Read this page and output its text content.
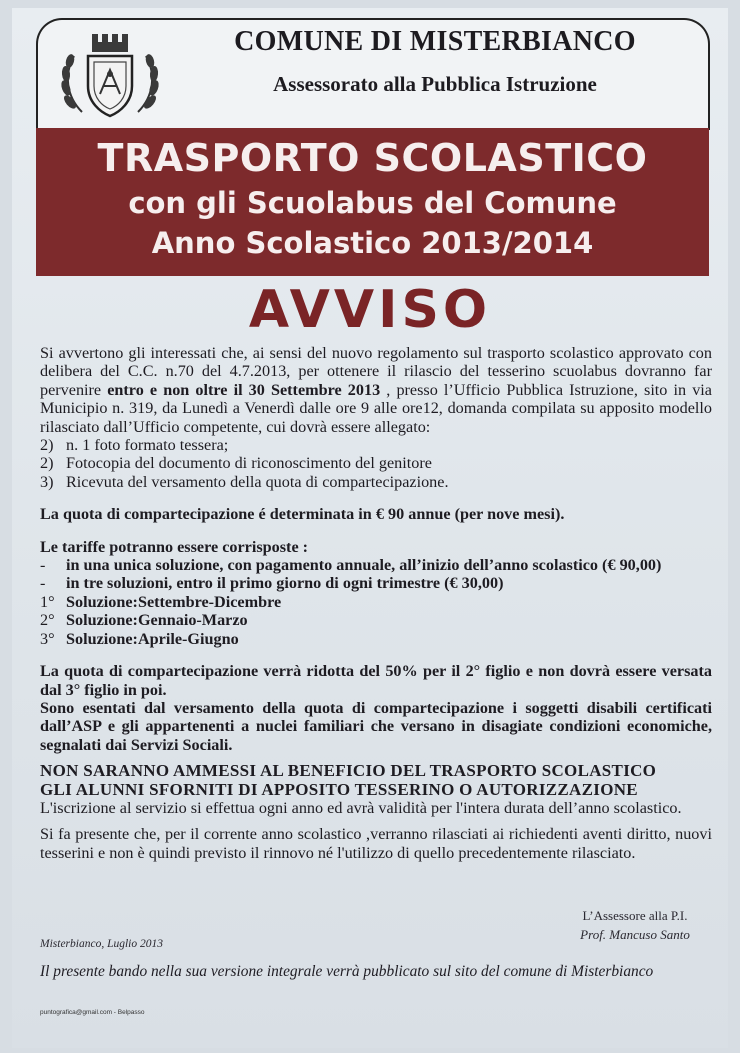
COMUNE DI MISTERBIANCO
Assessorato alla Pubblica Istruzione
TRASPORTO SCOLASTICO
con gli Scuolabus del Comune
Anno Scolastico 2013/2014
AVVISO

Si avvertono gli interessati che, ai sensi del nuovo regolamento sul trasporto scolastico approvato con delibera del C.C. n.70 del 4.7.2013, per ottenere il rilascio del tesserino scuolabus dovranno far pervenire entro e non oltre il 30 Settembre 2013 , presso l’Ufficio Pubblica Istruzione, sito in via Municipio n. 319, da Lunedì a Venerdì dalle ore 9 alle ore12, domanda compilata su apposito modello rilasciato dall’Ufficio competente, cui dovrà essere allegato:

2) n. 1 foto formato tessera;
2) Fotocopia del documento di riconoscimento del genitore
3) Ricevuta del versamento della quota di compartecipazione.

La quota di compartecipazione é determinata in € 90 annue (per nove mesi).

Le tariffe potranno essere corrisposte :

-	in una unica soluzione, con pagamento annuale, all’inizio dell’anno scolastico (€ 90,00)
-	in tre soluzioni, entro il primo giorno di ogni trimestre (€ 30,00)
1° Soluzione:Settembre-Dicembre
2° Soluzione:Gennaio-Marzo
3° Soluzione:Aprile-Giugno

La quota di compartecipazione verrà ridotta del 50% per il 2° figlio e non dovrà essere versata dal 3° figlio in poi.

Sono esentati dal versamento della quota di compartecipazione i soggetti disabili certificati dall’ASP e gli appartenenti a nuclei familiari che versano in disagiate condizioni economiche, segnalati dai Servizi Sociali.

NON SARANNO AMMESSI AL BENEFICIO DEL TRASPORTO SCOLASTICO

GLI ALUNNI SFORNITI DI APPOSITO TESSERINO O AUTORIZZAZIONE

L'iscrizione al servizio si effettua ogni anno ed avrà validità per l'intera durata dell’anno scolastico.

Si fa presente che, per il corrente anno scolastico ,verranno rilasciati ai richiedenti aventi diritto, nuovi tesserini e non è quindi previsto il rinnovo né l'utilizzo di quello precedentemente rilasciato.

L’Assessore alla P.I.
Prof. Mancuso Santo
Misterbianco, Luglio 2013
Il presente bando nella sua versione integrale verrà pubblicato sul sito del comune di Misterbianco
puntografica@gmail.com - Belpasso
